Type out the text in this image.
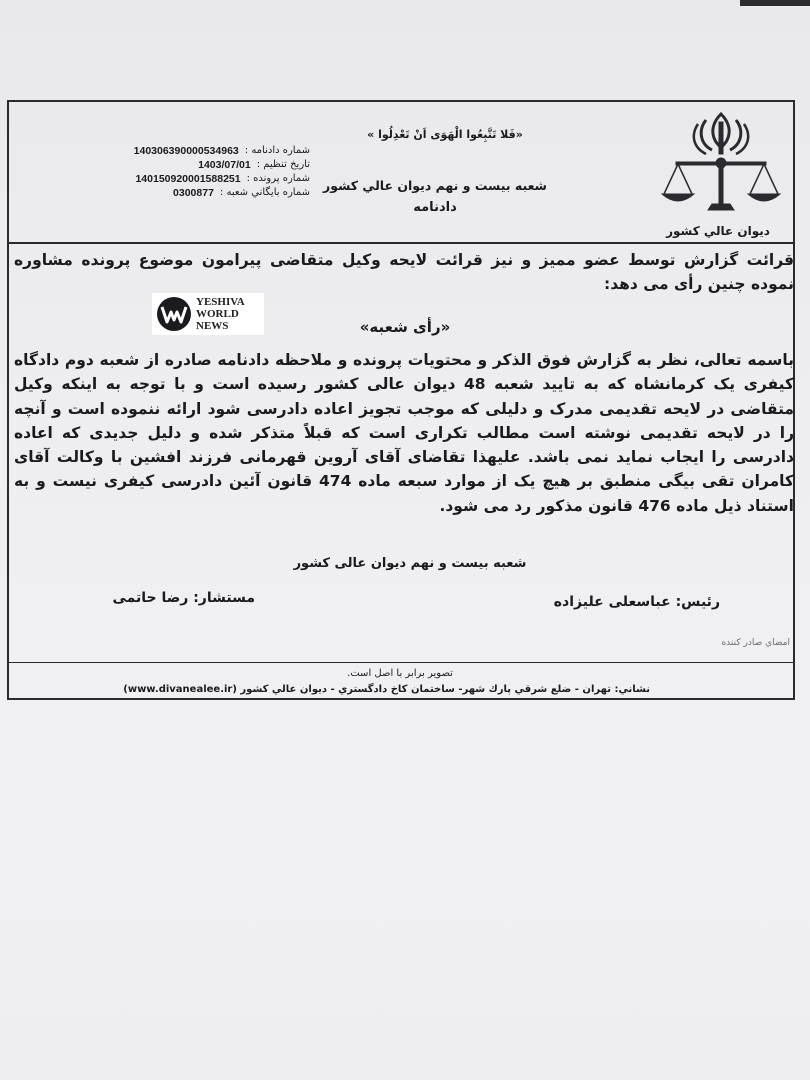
ديوان عالي كشور
«فَلا تَتَّبِعُوا الْهَوَى اَنْ تَعْدِلُوا »
شعبه بيست و نهم ديوان عالي كشور
دادنامه
شماره دادنامه :
140306390000534963
تاريخ تنظيم :
1403/07/01
شماره پرونده :
140150920001588251
شماره بايگاني شعبه :
0300877
قرائت گزارش توسط عضو ممیز و نیز قرائت لایحه وکیل متقاضی پیرامون موضوع پرونده مشاوره نموده چنین رأی می دهد:
YESHIVA
WORLD
NEWS	«رأی شعبه»
باسمه تعالی، نظر به گزارش فوق الذکر و محتویات پرونده و ملاحظه دادنامه صادره از شعبه دوم دادگاه کیفری یک کرمانشاه که به تایید شعبه 48 دیوان عالی کشور رسیده است و با توجه به اینکه وکیل متقاضی در لایحه تقدیمی مدرک و دلیلی که موجب تجویز اعاده دادرسی شود ارائه ننموده است و آنچه را در لایحه تقدیمی نوشته است مطالب تکراری است که قبلاً متذکر شده و دلیل جدیدی که اعاده دادرسی را ایجاب نماید نمی باشد. علیهذا تقاضای آقای آروین قهرمانی فرزند افشین با وکالت آقای کامران تقی بیگی منطبق بر هیچ یک از موارد سبعه ماده 474 قانون آئین دادرسی کیفری نیست و به استناد ذیل ماده 476 قانون مذکور رد می شود.
شعبه بیست و نهم دیوان عالی کشور
رئیس: عباسعلی علیزاده
مستشار: رضا حاتمی
امضاي صادر كننده
تصوير برابر با اصل است.
نشاني: تهران - ضلع شرقي پارك شهر- ساختمان كاخ دادگستري - ديوان عالي كشور (www.divanealee.ir)
